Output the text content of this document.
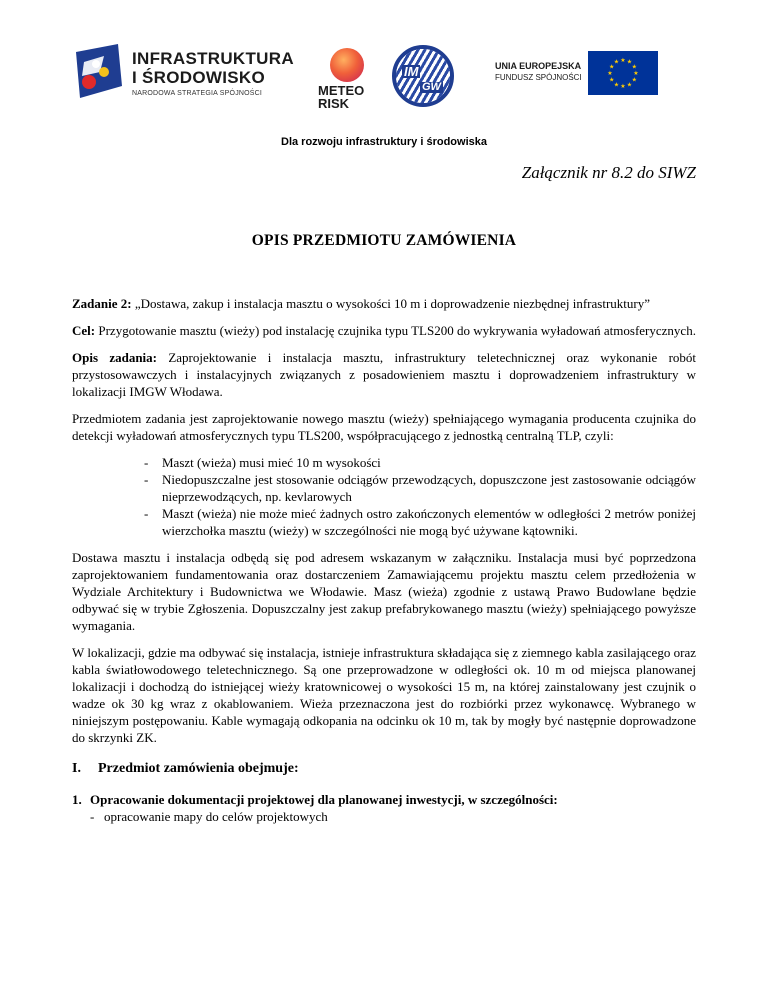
INFRASTRUKTURA
I ŚRODOWISKO
NARODOWA STRATEGIA SPÓJNOŚCI	METEO
RISK
IM
GW
UNIA EUROPEJSKA
FUNDUSZ SPÓJNOŚCI	★
★
★
★
★
★
★
★
★ ★ ★
★
Dla rozwoju infrastruktury i środowiska
Załącznik nr 8.2 do SIWZ
OPIS PRZEDMIOTU ZAMÓWIENIA

Zadanie 2: „Dostawa, zakup i instalacja masztu o wysokości 10 m i doprowadzenie niezbędnej infrastruktury”

Cel: Przygotowanie masztu (wieży) pod instalację czujnika typu TLS200 do wykrywania wyładowań atmosferycznych.

Opis zadania: Zaprojektowanie i instalacja masztu, infrastruktury teletechnicznej oraz wykonanie robót przystosowawczych i instalacyjnych związanych z posadowieniem masztu i doprowadzeniem infrastruktury w lokalizacji IMGW Włodawa.

Przedmiotem zadania jest zaprojektowanie nowego masztu (wieży) spełniającego wymagania producenta czujnika do detekcji wyładowań atmosferycznych typu TLS200, współpracującego z jednostką centralną TLP, czyli:

- Maszt (wieża) musi mieć 10 m wysokości
- Niedopuszczalne jest stosowanie odciągów przewodzących, dopuszczone jest zastosowanie odciągów nieprzewodzących, np. kevlarowych
- Maszt (wieża) nie może mieć żadnych ostro zakończonych elementów w odległości 2 metrów poniżej wierzchołka masztu (wieży) w szczególności nie mogą być używane kątowniki.

Dostawa masztu i instalacja odbędą się pod adresem wskazanym w załączniku. Instalacja musi być poprzedzona zaprojektowaniem fundamentowania oraz dostarczeniem Zamawiającemu projektu masztu celem przedłożenia w Wydziale Architektury i Budownictwa we Włodawie. Masz (wieża) zgodnie z ustawą Prawo Budowlane będzie odbywać się w trybie Zgłoszenia. Dopuszczalny jest zakup prefabrykowanego masztu (wieży) spełniającego powyższe wymagania.

W lokalizacji, gdzie ma odbywać się instalacja, istnieje infrastruktura składająca się z ziemnego kabla zasilającego oraz kabla światłowodowego teletechnicznego. Są one przeprowadzone w odległości ok. 10 m od miejsca planowanej lokalizacji i dochodzą do istniejącej wieży kratownicowej o wysokości 15 m, na której zainstalowany jest czujnik o wadze ok 30 kg wraz z okablowaniem. Wieża przeznaczona jest do rozbiórki przez wykonawcę. Wybranego w niniejszym postępowaniu. Kable wymagają odkopania na odcinku ok 10 m, tak by mogły być następnie doprowadzone do skrzynki ZK.

I. Przedmiot zamówienia obejmuje:
1. Opracowanie dokumentacji projektowej dla planowanej inwestycji, w szczególności:
- opracowanie mapy do celów projektowych
